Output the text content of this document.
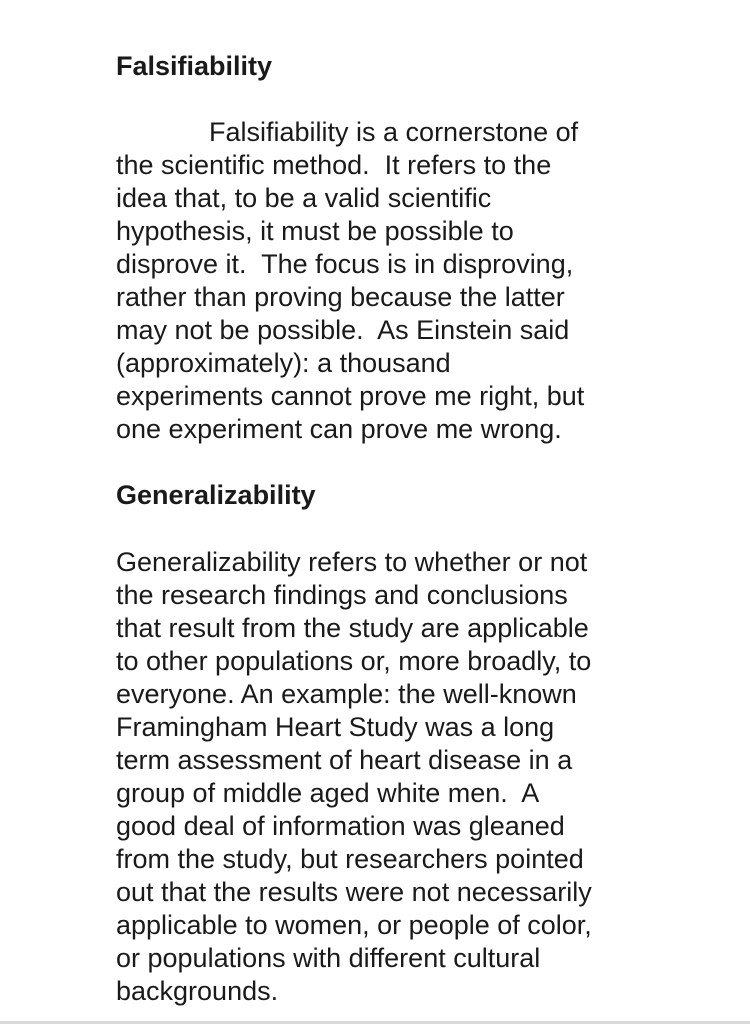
Falsifiability

Falsifiability is a cornerstone of
the scientific method.  It refers to the
idea that, to be a valid scientific
hypothesis, it must be possible to
disprove it.  The focus is in disproving,
rather than proving because the latter
may not be possible.  As Einstein said
(approximately): a thousand
experiments cannot prove me right, but
one experiment can prove me wrong.

Generalizability

Generalizability refers to whether or not
the research findings and conclusions
that result from the study are applicable
to other populations or, more broadly, to
everyone. An example: the well-known
Framingham Heart Study was a long
term assessment of heart disease in a
group of middle aged white men.  A
good deal of information was gleaned
from the study, but researchers pointed
out that the results were not necessarily
applicable to women, or people of color,
or populations with different cultural
backgrounds.
